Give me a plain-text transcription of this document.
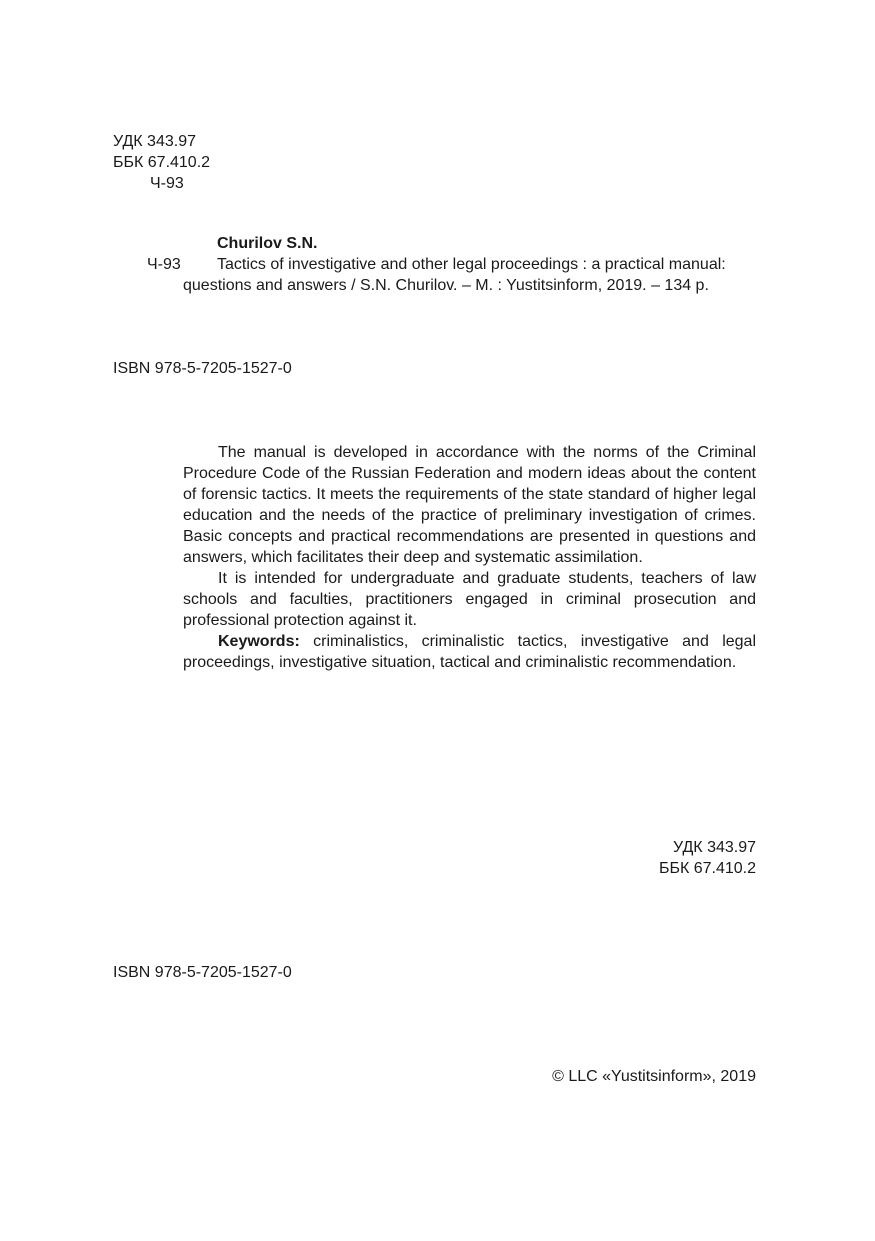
УДК 343.97
ББК 67.410.2
Ч-93
Churilov S.N.
Ч-93 Tactics of investigative and other legal proceedings : a practical manual:
questions and answers / S.N. Churilov. – M. : Yustitsinform, 2019. – 134 p.
ISBN 978-5-7205-1527-0

The manual is developed in accordance with the norms of the Criminal Procedure Code of the Russian Federation and modern ideas about the content of forensic tactics. It meets the requirements of the state standard of higher legal education and the needs of the practice of preliminary investigation of crimes. Basic concepts and practical recommendations are presented in questions and answers, which facilitates their deep and systematic assimilation.

It is intended for undergraduate and graduate students, teachers of law schools and faculties, practitioners engaged in criminal prosecution and professional protection against it.

Keywords: criminalistics, criminalistic tactics, investigative and legal proceedings, investigative situation, tactical and criminalistic recommendation.

УДК 343.97
ББК 67.410.2
ISBN 978-5-7205-1527-0
© LLC «Yustitsinform», 2019
